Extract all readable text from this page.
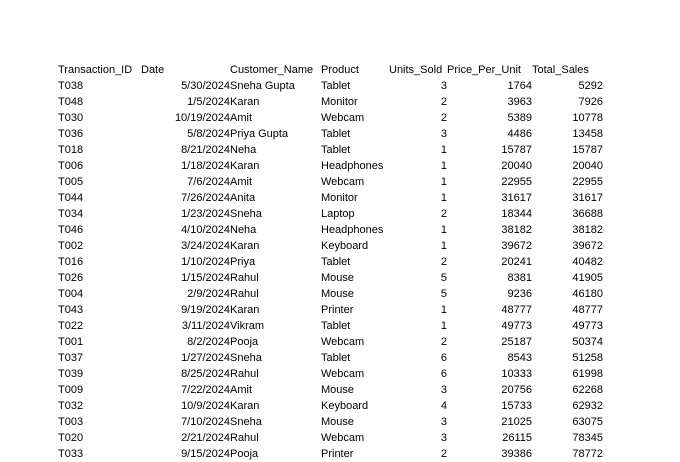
Transaction_ID	Date	Customer_Name	Product	Units_Sold	Price_Per_Unit	Total_Sales
T038	5/30/2024	Sneha Gupta	Tablet	3	1764	5292
T048	1/5/2024	Karan	Monitor	2	3963	7926
T030	10/19/2024	Amit	Webcam	2	5389	10778
T036	5/8/2024	Priya Gupta	Tablet	3	4486	13458
T018	8/21/2024	Neha	Tablet	1	15787	15787
T006	1/18/2024	Karan	Headphones	1	20040	20040
T005	7/6/2024	Amit	Webcam	1	22955	22955
T044	7/26/2024	Anita	Monitor	1	31617	31617
T034	1/23/2024	Sneha	Laptop	2	18344	36688
T046	4/10/2024	Neha	Headphones	1	38182	38182
T002	3/24/2024	Karan	Keyboard	1	39672	39672
T016	1/10/2024	Priya	Tablet	2	20241	40482
T026	1/15/2024	Rahul	Mouse	5	8381	41905
T004	2/9/2024	Rahul	Mouse	5	9236	46180
T043	9/19/2024	Karan	Printer	1	48777	48777
T022	3/11/2024	Vikram	Tablet	1	49773	49773
T001	8/2/2024	Pooja	Webcam	2	25187	50374
T037	1/27/2024	Sneha	Tablet	6	8543	51258
T039	8/25/2024	Rahul	Webcam	6	10333	61998
T009	7/22/2024	Amit	Mouse	3	20756	62268
T032	10/9/2024	Karan	Keyboard	4	15733	62932
T003	7/10/2024	Sneha	Mouse	3	21025	63075
T020	2/21/2024	Rahul	Webcam	3	26115	78345
T033	9/15/2024	Pooja	Printer	2	39386	78772
